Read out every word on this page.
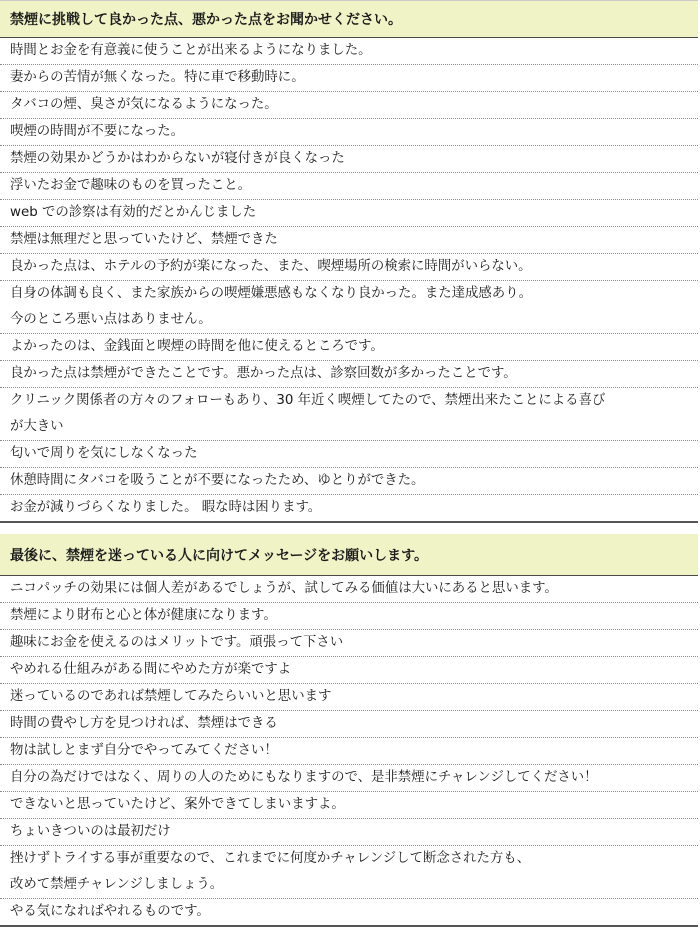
禁煙に挑戦して良かった点、悪かった点をお聞かせください。
時間とお金を有意義に使うことが出来るようになりました。
妻からの苦情が無くなった。特に車で移動時に。
タバコの煙、臭さが気になるようになった。
喫煙の時間が不要になった。
禁煙の効果かどうかはわからないが寝付きが良くなった
浮いたお金で趣味のものを買ったこと。
web での診察は有効的だとかんじました
禁煙は無理だと思っていたけど、禁煙できた
良かった点は、ホテルの予約が楽になった、また、喫煙場所の検索に時間がいらない。
自身の体調も良く、また家族からの喫煙嫌悪感もなくなり良かった。また達成感あり。
今のところ悪い点はありません。
よかったのは、金銭面と喫煙の時間を他に使えるところです。
良かった点は禁煙ができたことです。悪かった点は、診察回数が多かったことです。
クリニック関係者の方々のフォローもあり、30 年近く喫煙してたので、禁煙出来たことによる喜び
が大きい
匂いで周りを気にしなくなった
休憩時間にタバコを吸うことが不要になったため、ゆとりができた。
お金が減りづらくなりました。 暇な時は困ります。
最後に、禁煙を迷っている人に向けてメッセージをお願いします。
ニコパッチの効果には個人差があるでしょうが、試してみる価値は大いにあると思います。
禁煙により財布と心と体が健康になります。
趣味にお金を使えるのはメリットです。頑張って下さい
やめれる仕組みがある間にやめた方が楽ですよ
迷っているのであれば禁煙してみたらいいと思います
時間の費やし方を見つければ、禁煙はできる
物は試しとまず自分でやってみてください！
自分の為だけではなく、周りの人のためにもなりますので、是非禁煙にチャレンジしてください！
できないと思っていたけど、案外できてしまいますよ。
ちょいきついのは最初だけ
挫けずトライする事が重要なので、これまでに何度かチャレンジして断念された方も、
改めて禁煙チャレンジしましょう。
やる気になればやれるものです。
